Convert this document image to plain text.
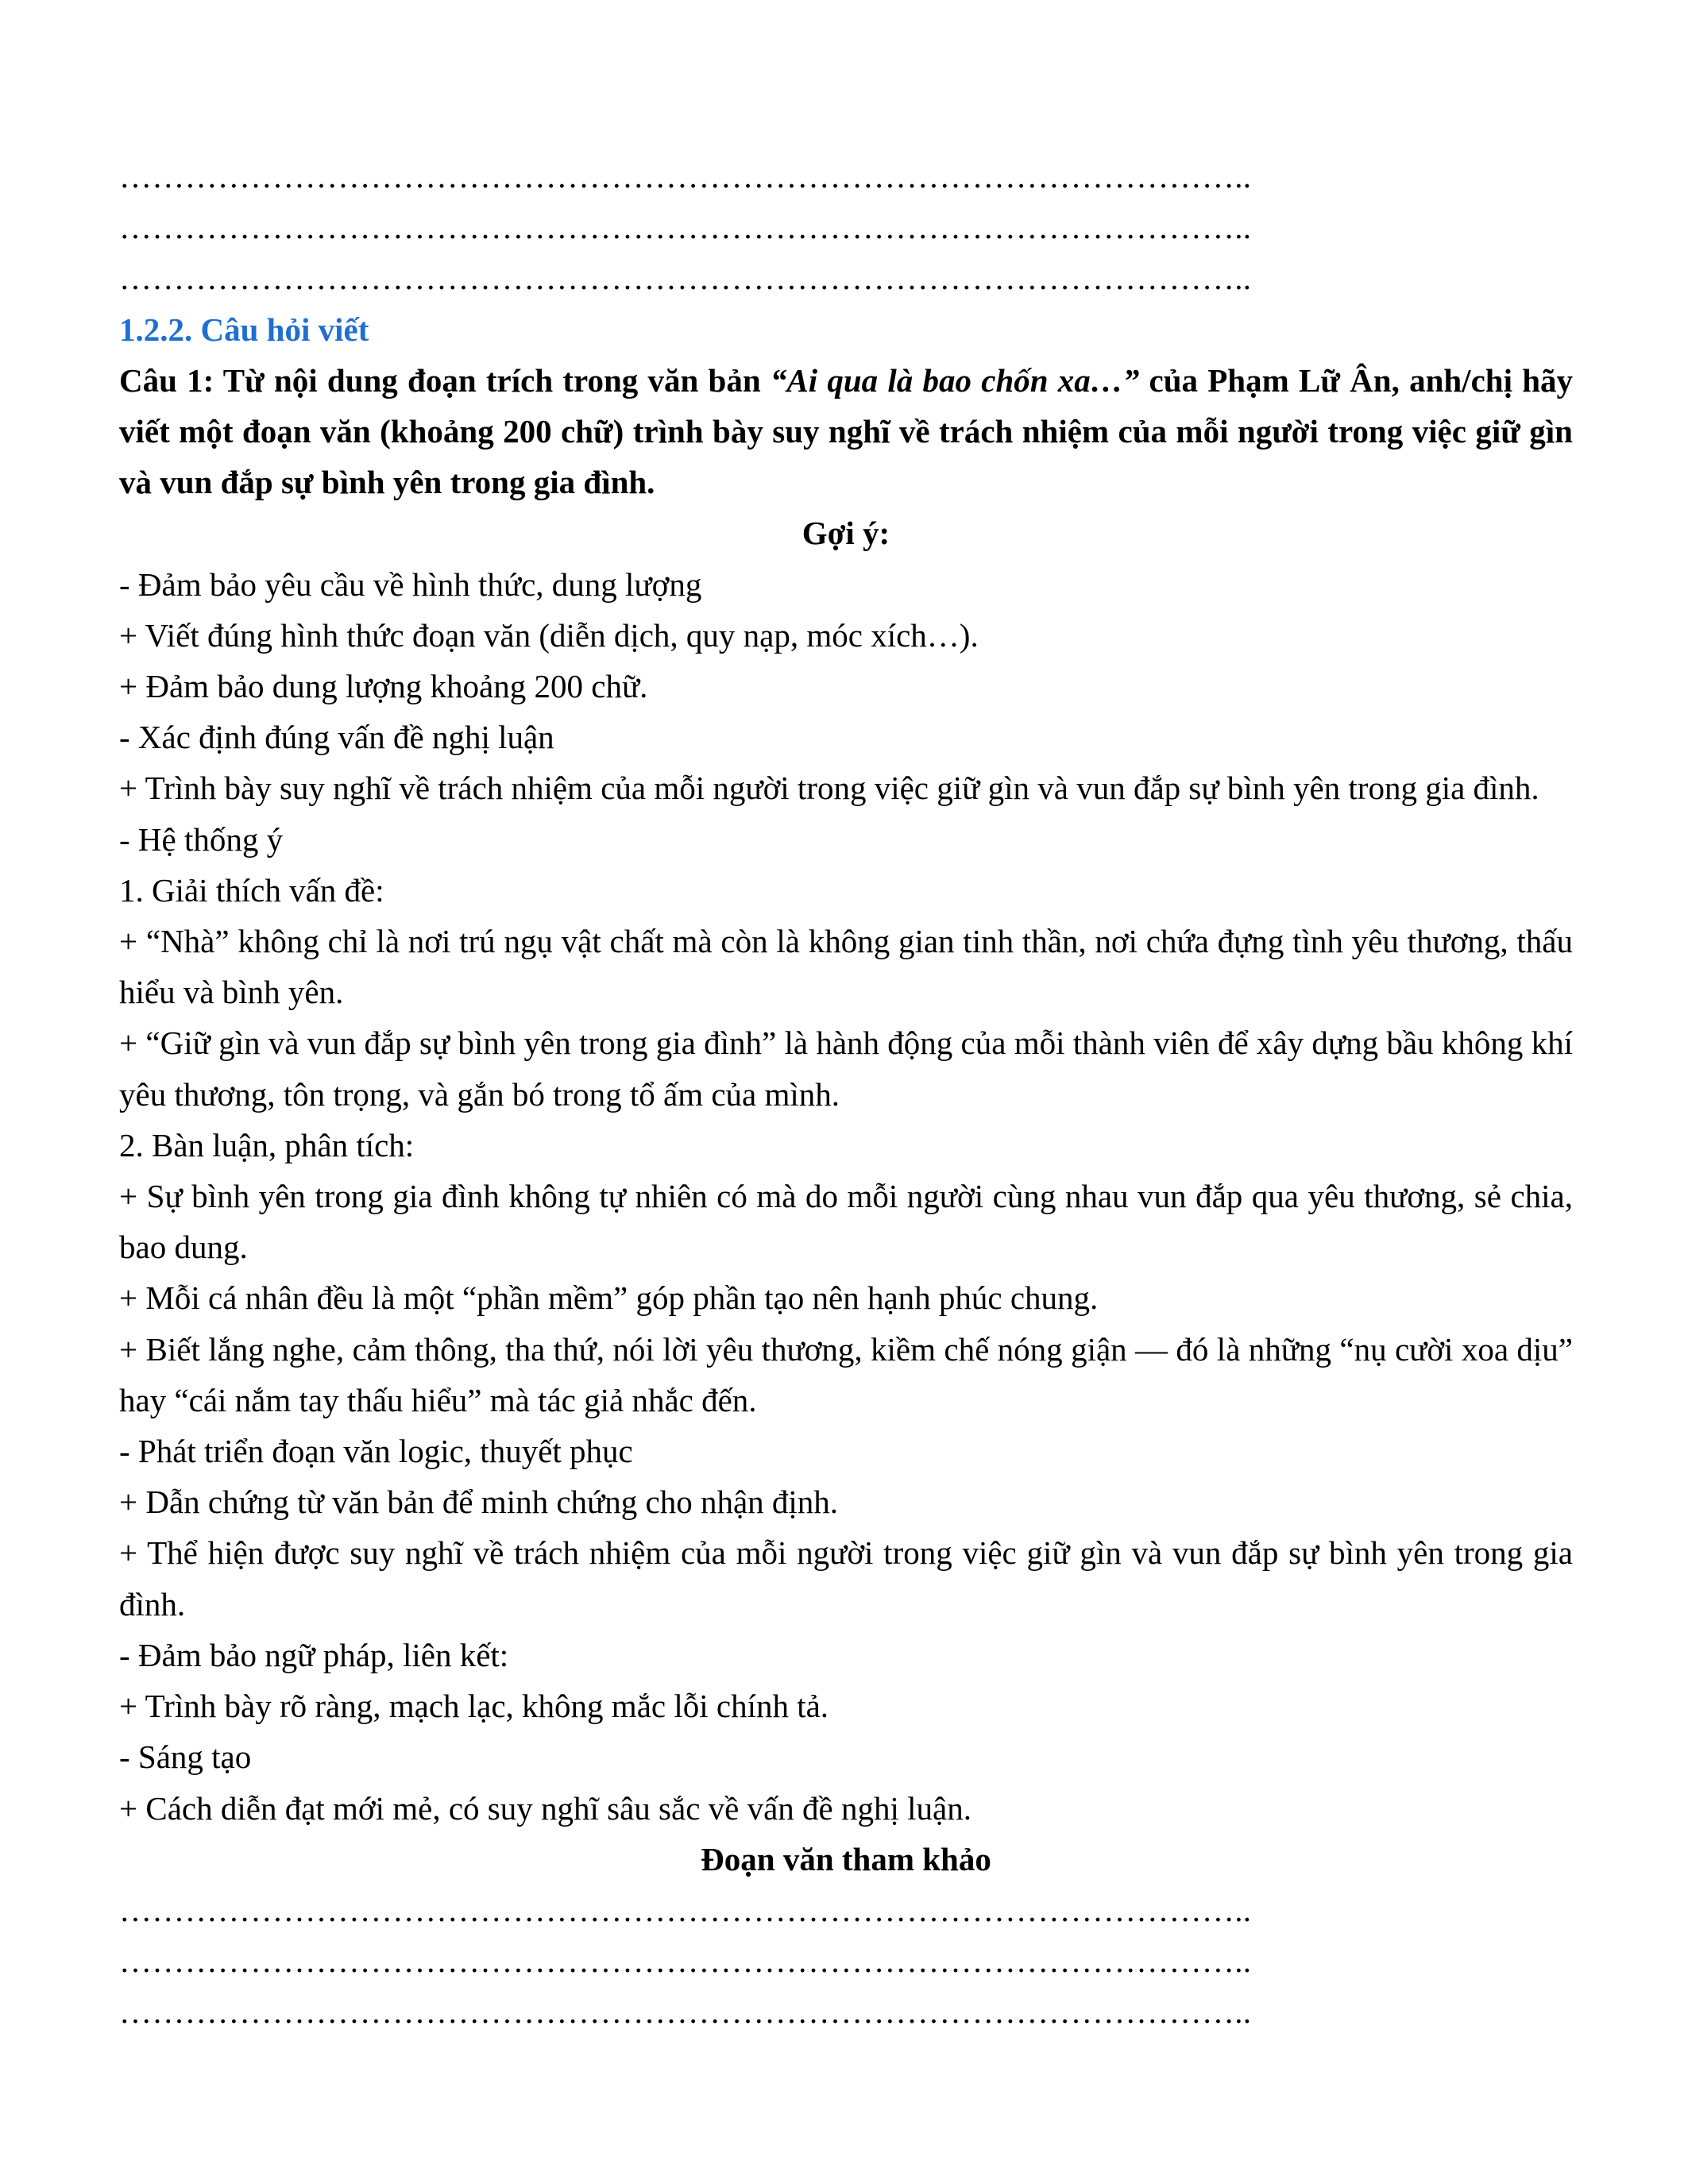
…………………………………………………………………………………………..
…………………………………………………………………………………………..
…………………………………………………………………………………………..
1.2.2. Câu hỏi viết
Câu 1: Từ nội dung đoạn trích trong văn bản “Ai qua là bao chốn xa…” của Phạm Lữ Ân, anh/chị hãy viết một đoạn văn (khoảng 200 chữ) trình bày suy nghĩ về trách nhiệm của mỗi người trong việc giữ gìn và vun đắp sự bình yên trong gia đình.
Gợi ý:
- Đảm bảo yêu cầu về hình thức, dung lượng
+ Viết đúng hình thức đoạn văn (diễn dịch, quy nạp, móc xích…).
+ Đảm bảo dung lượng khoảng 200 chữ.
- Xác định đúng vấn đề nghị luận
+ Trình bày suy nghĩ về trách nhiệm của mỗi người trong việc giữ gìn và vun đắp sự bình yên trong gia đình.
- Hệ thống ý
1. Giải thích vấn đề:
+ “Nhà” không chỉ là nơi trú ngụ vật chất mà còn là không gian tinh thần, nơi chứa đựng tình yêu thương, thấu hiểu và bình yên.
+ “Giữ gìn và vun đắp sự bình yên trong gia đình” là hành động của mỗi thành viên để xây dựng bầu không khí yêu thương, tôn trọng, và gắn bó trong tổ ấm của mình.
2. Bàn luận, phân tích:
+ Sự bình yên trong gia đình không tự nhiên có mà do mỗi người cùng nhau vun đắp qua yêu thương, sẻ chia, bao dung.
+ Mỗi cá nhân đều là một “phần mềm” góp phần tạo nên hạnh phúc chung.
+ Biết lắng nghe, cảm thông, tha thứ, nói lời yêu thương, kiềm chế nóng giận — đó là những “nụ cười xoa dịu” hay “cái nắm tay thấu hiểu” mà tác giả nhắc đến.
- Phát triển đoạn văn logic, thuyết phục
+ Dẫn chứng từ văn bản để minh chứng cho nhận định.
+ Thể hiện được suy nghĩ về trách nhiệm của mỗi người trong việc giữ gìn và vun đắp sự bình yên trong gia đình.
- Đảm bảo ngữ pháp, liên kết:
+ Trình bày rõ ràng, mạch lạc, không mắc lỗi chính tả.
- Sáng tạo
+ Cách diễn đạt mới mẻ, có suy nghĩ sâu sắc về vấn đề nghị luận.
Đoạn văn tham khảo
…………………………………………………………………………………………..
…………………………………………………………………………………………..
…………………………………………………………………………………………..
